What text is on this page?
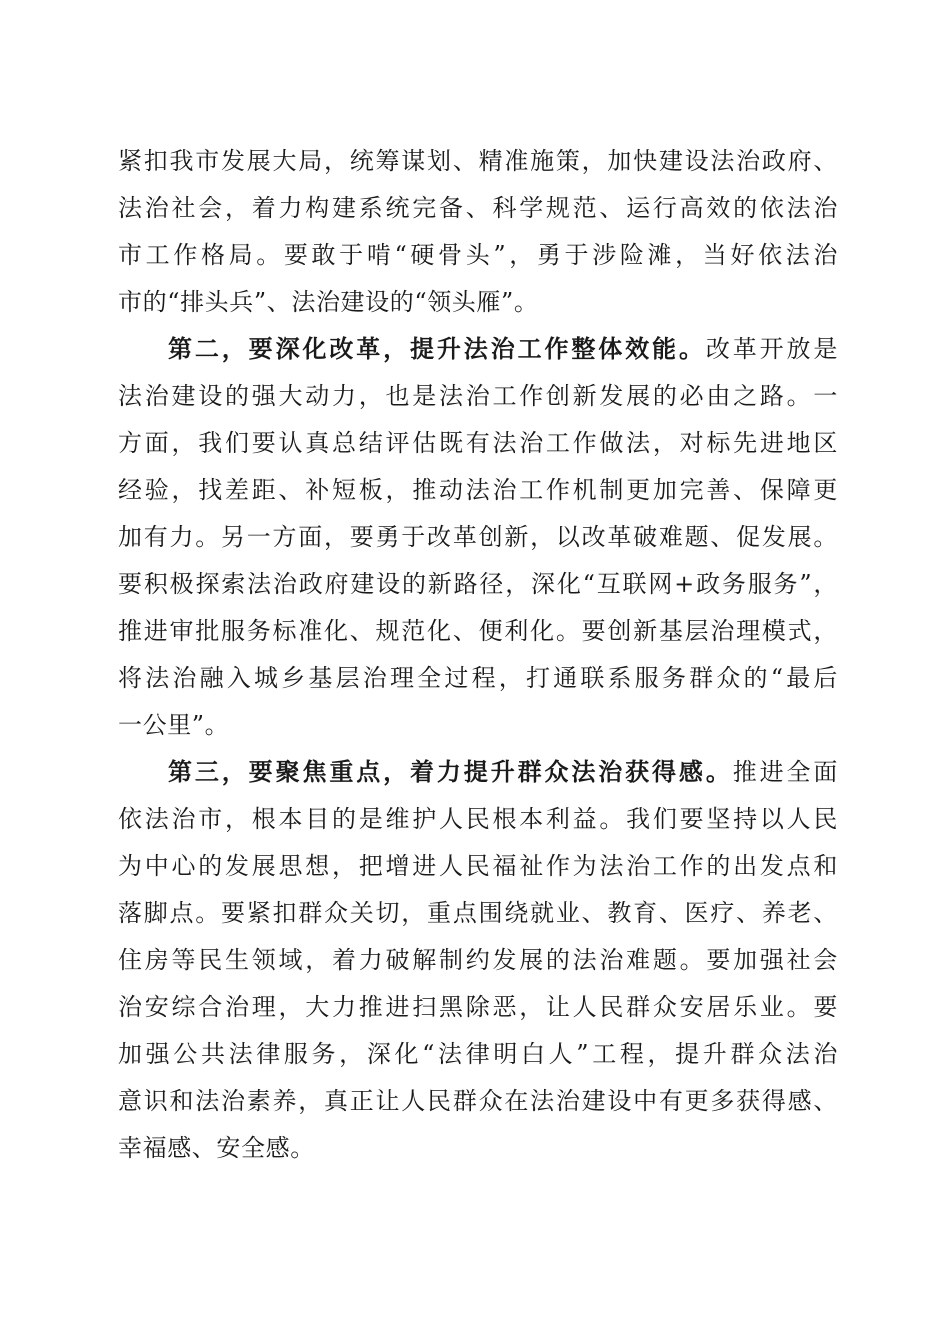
紧扣我市发展大局，统筹谋划、精准施策，加快建设法治政府、
法治社会，着力构建系统完备、科学规范、运行高效的依法治
市工作格局。要敢于啃“硬骨头”，勇于涉险滩，当好依法治
市的“排头兵”、法治建设的“领头雁”。
第二，要深化改革，提升法治工作整体效能。改革开放是
法治建设的强大动力，也是法治工作创新发展的必由之路。一
方面，我们要认真总结评估既有法治工作做法，对标先进地区
经验，找差距、补短板，推动法治工作机制更加完善、保障更
加有力。另一方面，要勇于改革创新，以改革破难题、促发展。
要积极探索法治政府建设的新路径，深化“互联网+政务服务”，
推进审批服务标准化、规范化、便利化。要创新基层治理模式，
将法治融入城乡基层治理全过程，打通联系服务群众的“最后
一公里”。
第三，要聚焦重点，着力提升群众法治获得感。推进全面
依法治市，根本目的是维护人民根本利益。我们要坚持以人民
为中心的发展思想，把增进人民福祉作为法治工作的出发点和
落脚点。要紧扣群众关切，重点围绕就业、教育、医疗、养老、
住房等民生领域，着力破解制约发展的法治难题。要加强社会
治安综合治理，大力推进扫黑除恶，让人民群众安居乐业。要
加强公共法律服务，深化“法律明白人”工程，提升群众法治
意识和法治素养，真正让人民群众在法治建设中有更多获得感、
幸福感、安全感。
